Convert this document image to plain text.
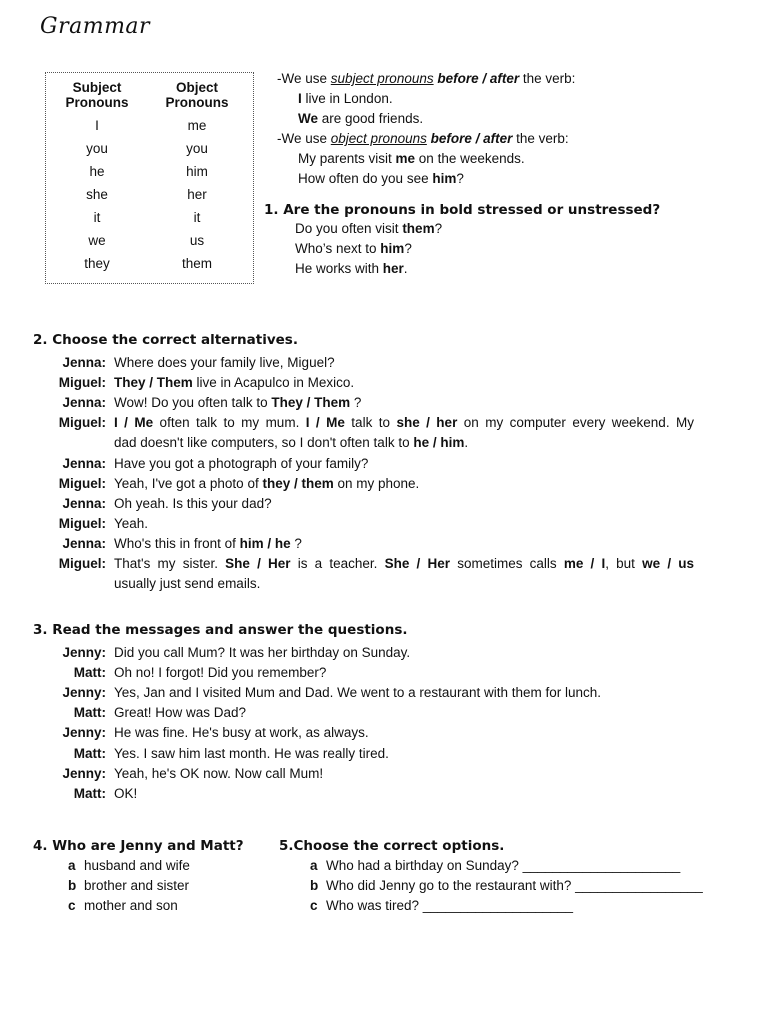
Grammar
Subject
Pronouns
Object
Pronouns
I
you
he
she
it
we
they
me
you
him
her
it
us
them

-We use subject pronouns before / after the verb:

I live in London.

We are good friends.

-We use object pronouns before / after the verb:

My parents visit me on the weekends.

How often do you see him?

1. Are the pronouns in bold stressed or unstressed?

Do you often visit them?

Who’s next to him?

He works with her.

2. Choose the correct alternatives.
Jenna: Where does your family live, Miguel?
Miguel: They / Them live in Acapulco in Mexico.
Jenna: Wow! Do you often talk to They / Them ?
Miguel: I / Me often talk to my mum. I / Me talk to she / her on my computer every weekend. My
dad doesn't like computers, so I don't often talk to he / him.
Jenna: Have you got a photograph of your family?
Miguel: Yeah, I've got a photo of they / them on my phone.
Jenna: Oh yeah. Is this your dad?
Miguel: Yeah.
Jenna: Who's this in front of him / he ?
Miguel: That's my sister. She / Her is a teacher. She / Her sometimes calls me / I, but we / us
usually just send emails.
3. Read the messages and answer the questions.
Jenny: Did you call Mum? It was her birthday on Sunday.
Matt: Oh no! I forgot! Did you remember?
Jenny: Yes, Jan and I visited Mum and Dad. We went to a restaurant with them for lunch.
Matt: Great! How was Dad?
Jenny: He was fine. He's busy at work, as always.
Matt: Yes. I saw him last month. He was really tired.
Jenny: Yeah, he's OK now. Now call Mum!
Matt: OK!
4. Who are Jenny and Matt?
a husband and wife
b brother and sister
c mother and son
5.Choose the correct options.
a Who had a birthday on Sunday? _____________________
b Who did Jenny go to the restaurant with? _________________
c Who was tired? ____________________
